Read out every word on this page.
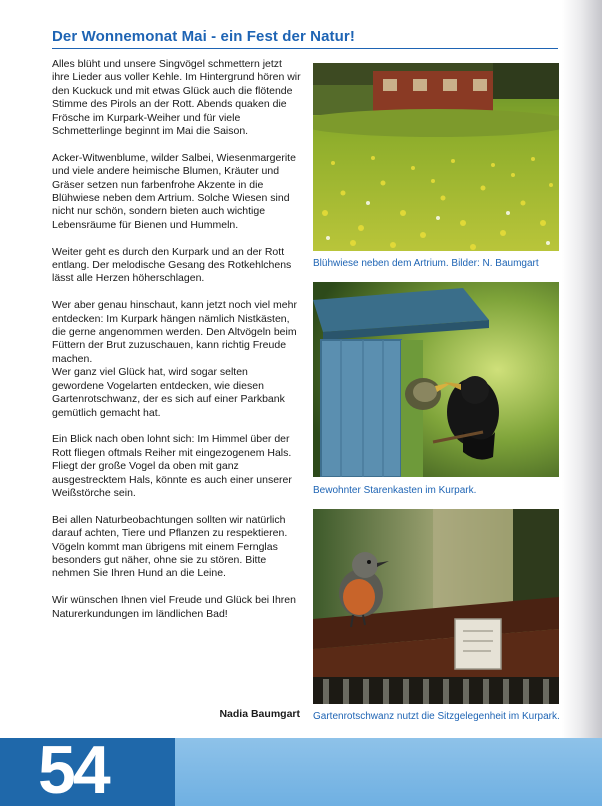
Der Wonnemonat Mai - ein Fest der Natur!

Alles blüht und unsere Singvögel schmettern jetzt ihre Lieder aus voller Kehle. Im Hintergrund hören wir den Kuckuck und mit etwas Glück auch die flötende Stimme des Pirols an der Rott. Abends quaken die Frösche im Kurpark-Weiher und für viele Schmetterlinge beginnt im Mai die Saison.

Acker-Witwenblume, wilder Salbei, Wiesenmargerite und viele andere heimische Blumen, Kräuter und Gräser setzen nun farbenfrohe Akzente in die Blühwiese neben dem Artrium. Solche Wiesen sind nicht nur schön, sondern bieten auch wichtige Lebensräume für Bienen und Hummeln.

Weiter geht es durch den Kurpark und an der Rott entlang. Der melodische Gesang des Rotkehlchens lässt alle Herzen höherschlagen.

Wer aber genau hinschaut, kann jetzt noch viel mehr entdecken: Im Kurpark hängen nämlich Nistkästen, die gerne angenommen werden. Den Altvögeln beim Füttern der Brut zuzuschauen, kann richtig Freude machen.

Wer ganz viel Glück hat, wird sogar selten gewordene Vogelarten entdecken, wie diesen Gartenrotschwanz, der es sich auf einer Parkbank gemütlich gemacht hat.

Ein Blick nach oben lohnt sich: Im Himmel über der Rott fliegen oftmals Reiher mit eingezogenem Hals. Fliegt der große Vogel da oben mit ganz ausgestrecktem Hals, könnte es auch einer unserer Weißstörche sein.

Bei allen Naturbeobachtungen sollten wir natürlich darauf achten, Tiere und Pflanzen zu respektieren. Vögeln kommt man übrigens mit einem Fernglas besonders gut näher, ohne sie zu stören. Bitte nehmen Sie Ihren Hund an die Leine.

Wir wünschen Ihnen viel Freude und Glück bei Ihren Naturerkundungen im ländlichen Bad!

Nadia Baumgart
Blühwiese neben dem Artrium. Bilder: N. Baumgart
Bewohnter Starenkasten im Kurpark.
Gartenrotschwanz nutzt die Sitzgelegenheit im Kurpark.
54
